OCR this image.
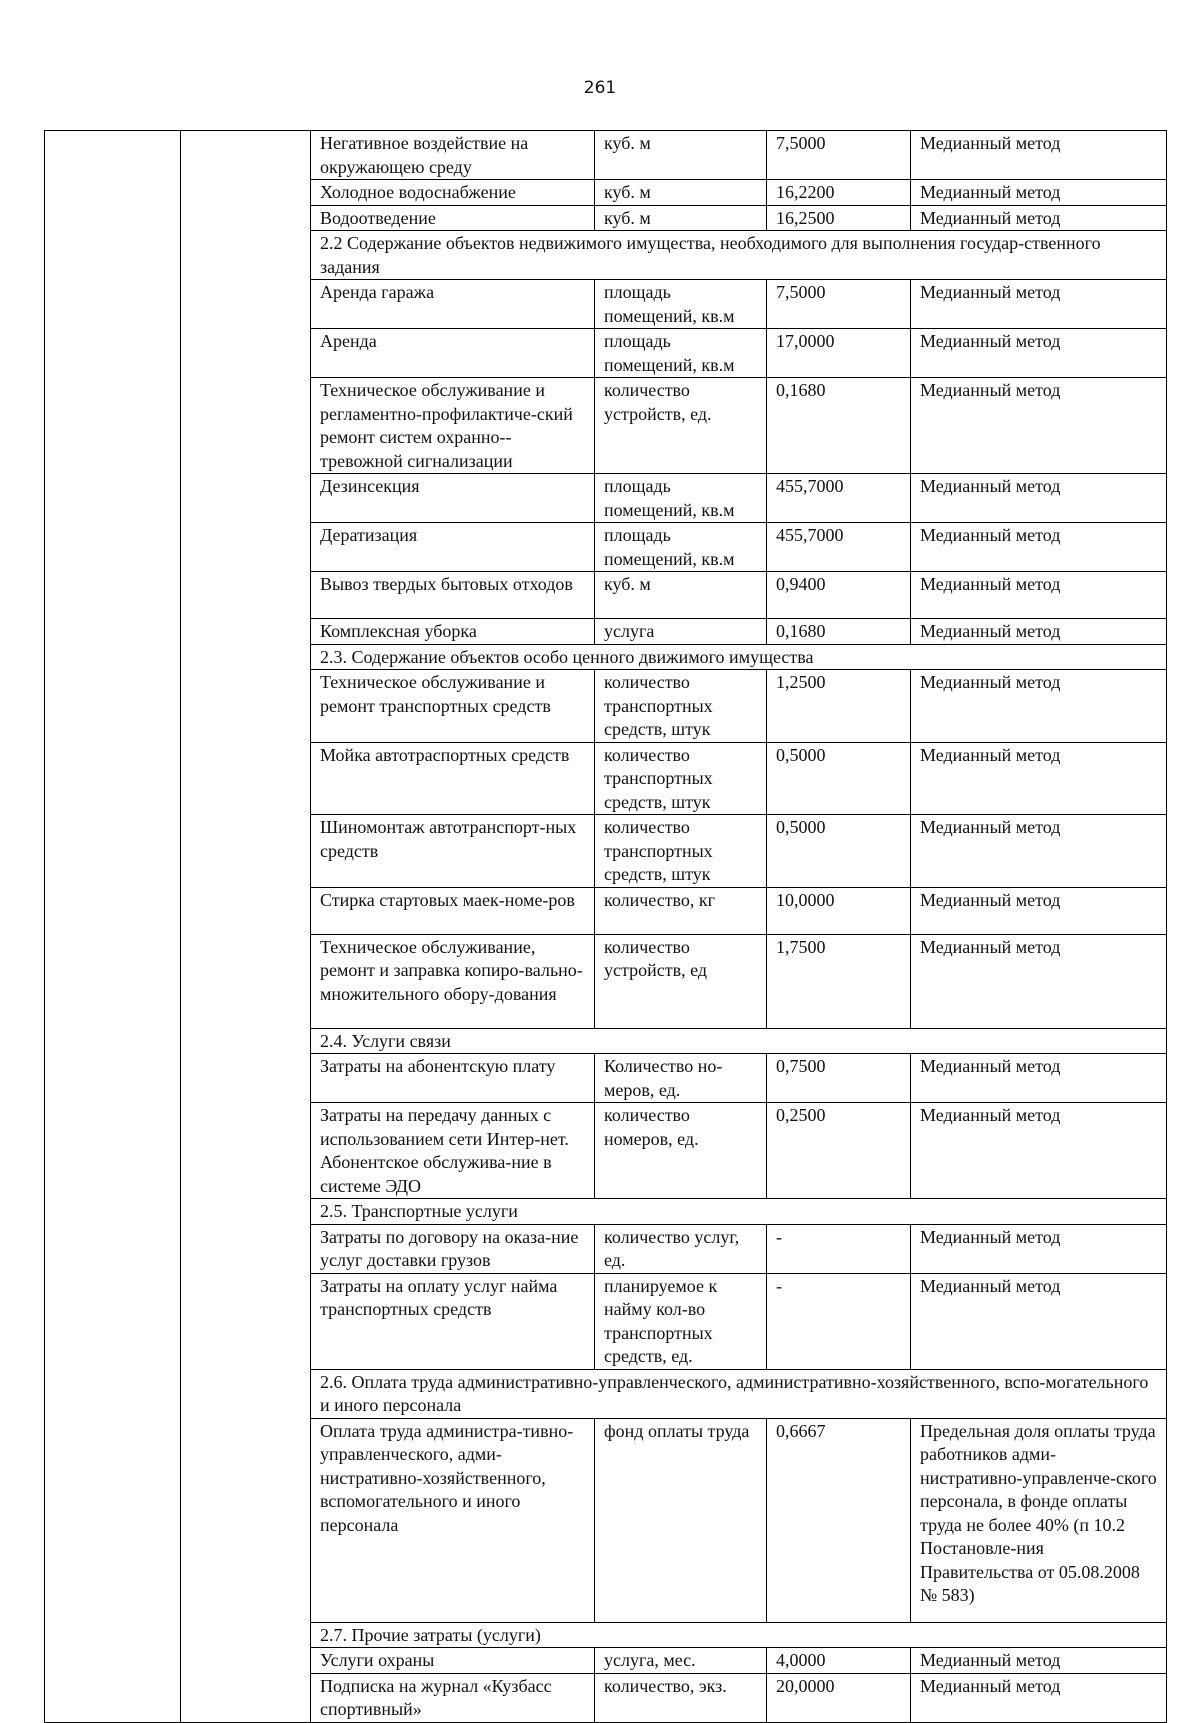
261
		Негативное воздействие на окружающею среду	куб. м	7,5000	Медианный метод
		Холодное водоснабжение	куб. м	16,2200	Медианный метод
		Водоотведение	куб. м	16,2500	Медианный метод
		2.2 Содержание объектов недвижимого имущества, необходимого для выполнения государ-ственного задания			
		Аренда гаража	площадь помещений, кв.м	7,5000	Медианный метод
		Аренда	площадь помещений, кв.м	17,0000	Медианный метод
		Техническое обслуживание и регламентно-профилактиче-ский ремонт систем охранно--тревожной сигнализации	количество устройств, ед.	0,1680	Медианный метод
		Дезинсекция	площадь помещений, кв.м	455,7000	Медианный метод
		Дератизация	площадь помещений, кв.м	455,7000	Медианный метод
		Вывоз твердых бытовых отходов	куб. м	0,9400	Медианный метод
		Комплексная уборка	услуга	0,1680	Медианный метод
		2.3. Содержание объектов особо ценного движимого имущества			
		Техническое обслуживание и ремонт транспортных средств	количество транспортных средств, штук	1,2500	Медианный метод
		Мойка автотраспортных средств	количество транспортных средств, штук	0,5000	Медианный метод
		Шиномонтаж автотранспорт-ных средств	количество транспортных средств, штук	0,5000	Медианный метод
		Стирка стартовых маек-номе-ров	количество, кг	10,0000	Медианный метод
		Техническое обслуживание, ремонт и заправка копиро-вально-множительного обору-дования	количество устройств, ед	1,7500	Медианный метод
		2.4. Услуги связи			
		Затраты на абонентскую плату	Количество но-меров, ед.	0,7500	Медианный метод
		Затраты на передачу данных с использованием сети Интер-нет. Абонентское обслужива-ние в системе ЭДО	количество номеров, ед.	0,2500	Медианный метод
		2.5. Транспортные услуги			
		Затраты по договору на оказа-ние услуг доставки грузов	количество услуг, ед.	-	Медианный метод
		Затраты на оплату услуг найма транспортных средств	планируемое к найму кол-во транспортных средств, ед.	-	Медианный метод
		2.6. Оплата труда административно-управленческого, административно-хозяйственного, вспо-могательного и иного персонала			
		Оплата труда администра-тивно-управленческого, адми-нистративно-хозяйственного, вспомогательного и иного персонала	фонд оплаты труда	0,6667	Предельная доля оплаты труда работников адми-нистративно-управленче-ского персонала, в фонде оплаты труда не более 40% (п 10.2 Постановле-ния Правительства от 05.08.2008 № 583)
		2.7. Прочие затраты (услуги)			
		Услуги охраны	услуга, мес.	4,0000	Медианный метод
		Подписка на журнал «Кузбасс спортивный»	количество, экз.	20,0000	Медианный метод
